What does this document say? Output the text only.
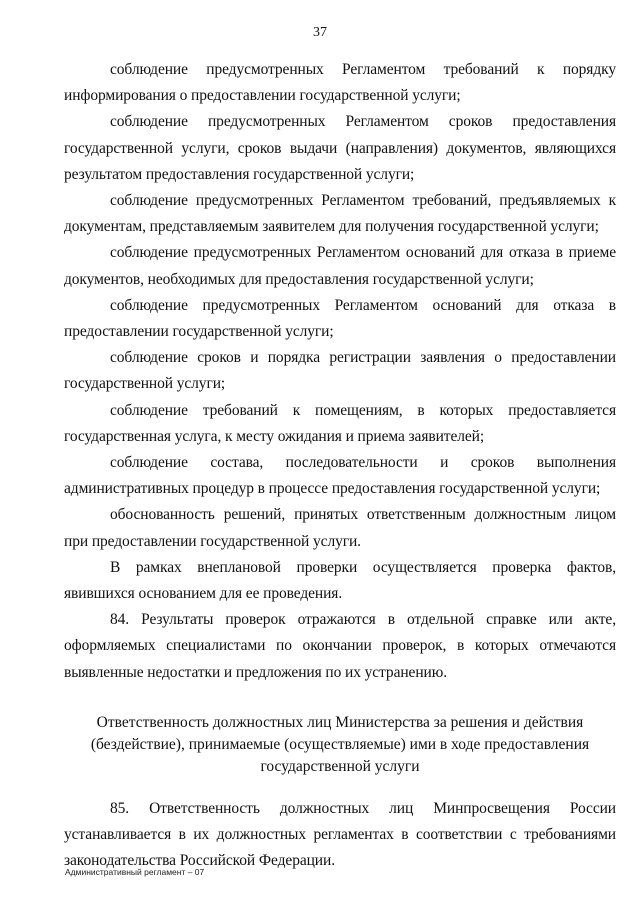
37

соблюдение предусмотренных Регламентом требований к порядку информирования о предоставлении государственной услуги;

соблюдение предусмотренных Регламентом сроков предоставления государственной услуги, сроков выдачи (направления) документов, являющихся результатом предоставления государственной услуги;

соблюдение предусмотренных Регламентом требований, предъявляемых к документам, представляемым заявителем для получения государственной услуги;

соблюдение предусмотренных Регламентом оснований для отказа в приеме документов, необходимых для предоставления государственной услуги;

соблюдение предусмотренных Регламентом оснований для отказа в предоставлении государственной услуги;

соблюдение сроков и порядка регистрации заявления о предоставлении государственной услуги;

соблюдение требований к помещениям, в которых предоставляется государственная услуга, к месту ожидания и приема заявителей;

соблюдение состава, последовательности и сроков выполнения административных процедур в процессе предоставления государственной услуги;

обоснованность решений, принятых ответственным должностным лицом при предоставлении государственной услуги.

В рамках внеплановой проверки осуществляется проверка фактов, явившихся основанием для ее проведения.

84. Результаты проверок отражаются в отдельной справке или акте, оформляемых специалистами по окончании проверок, в которых отмечаются выявленные недостатки и предложения по их устранению.

Ответственность должностных лиц Министерства за решения и действия
(бездействие), принимаемые (осуществляемые) ими в ходе предоставления
государственной услуги

85. Ответственность должностных лиц Минпросвещения России устанавливается в их должностных регламентах в соответствии с требованиями законодательства Российской Федерации.

Административный регламент – 07
